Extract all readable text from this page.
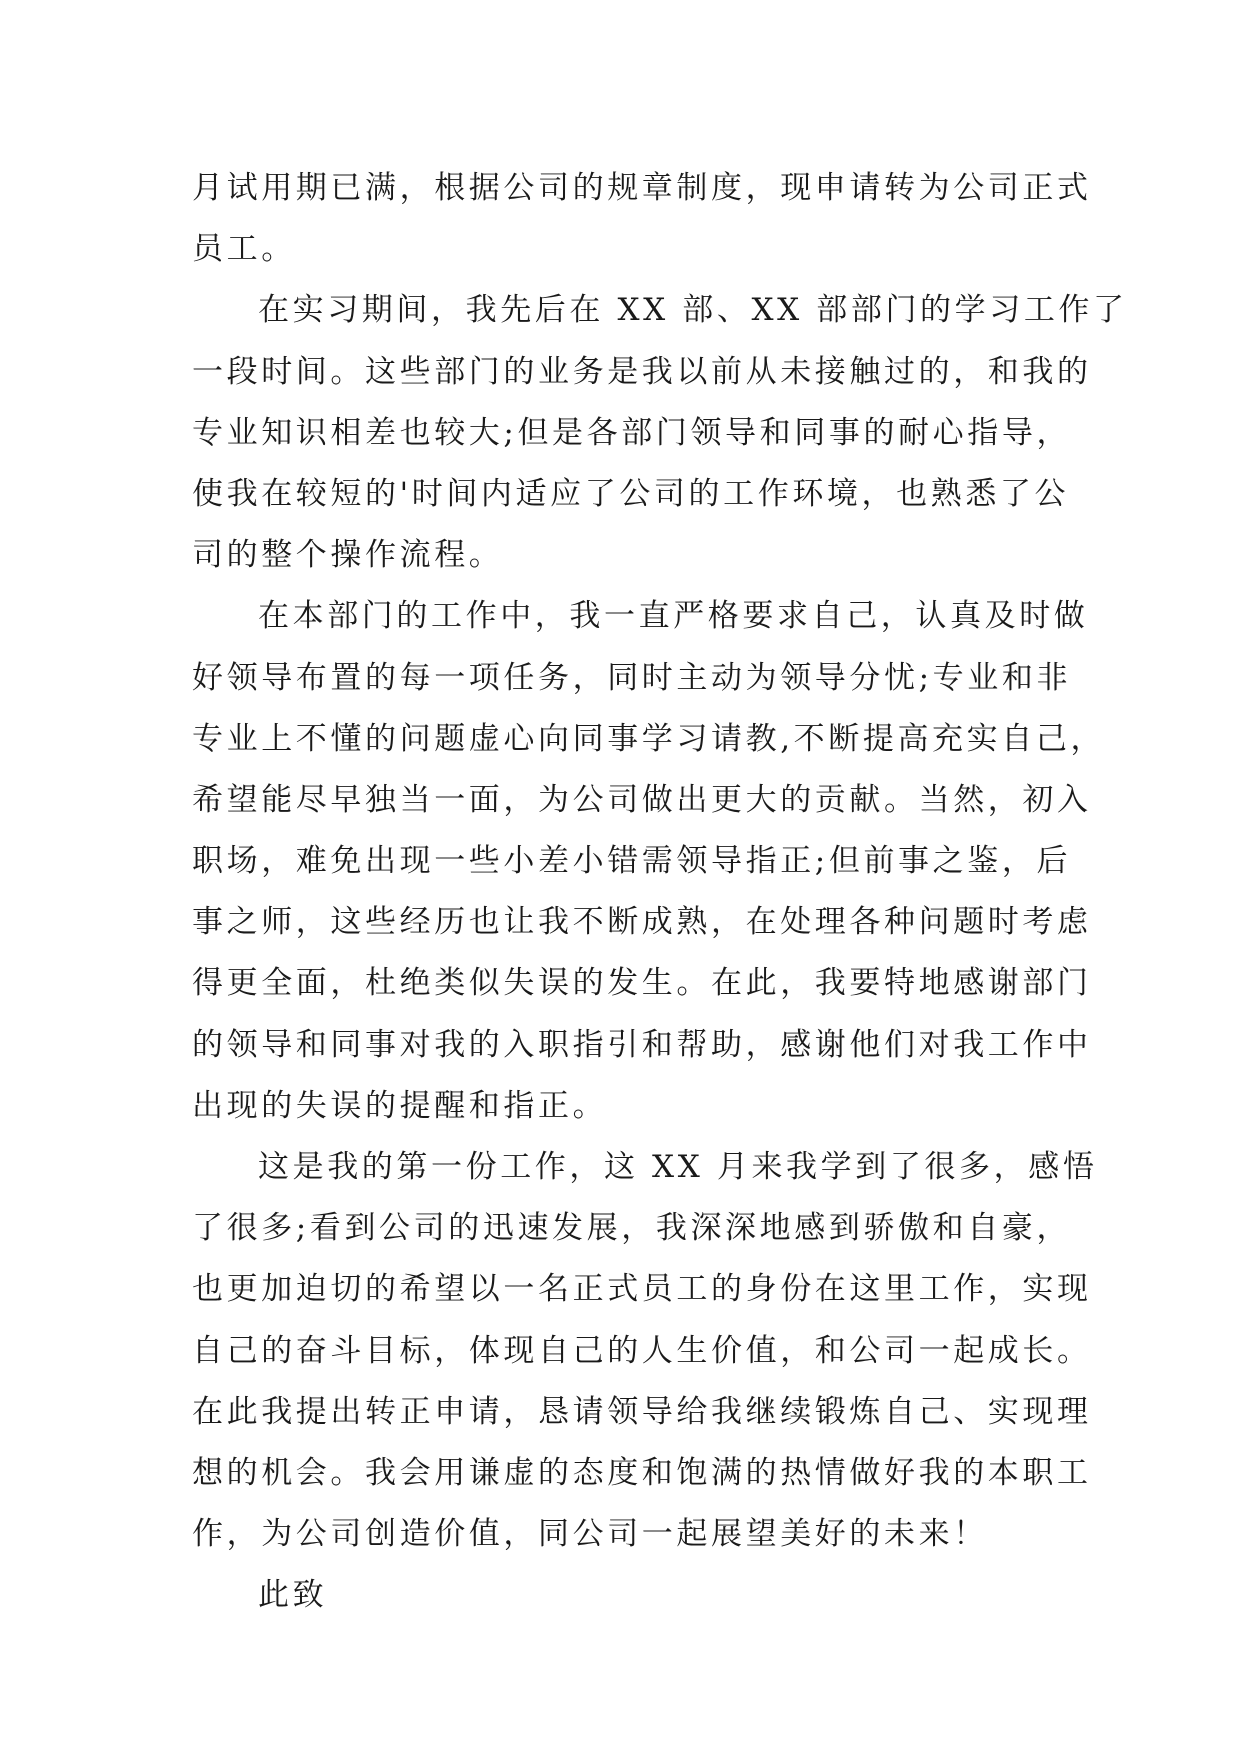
月试用期已满，根据公司的规章制度，现申请转为公司正式
员工。
在实习期间，我先后在 XX 部、XX 部部门的学习工作了
一段时间。这些部门的业务是我以前从未接触过的，和我的
专业知识相差也较大;但是各部门领导和同事的耐心指导，
使我在较短的'时间内适应了公司的工作环境，也熟悉了公
司的整个操作流程。
在本部门的工作中，我一直严格要求自己，认真及时做
好领导布置的每一项任务，同时主动为领导分忧;专业和非
专业上不懂的问题虚心向同事学习请教,不断提高充实自己，
希望能尽早独当一面，为公司做出更大的贡献。当然，初入
职场，难免出现一些小差小错需领导指正;但前事之鉴，后
事之师，这些经历也让我不断成熟，在处理各种问题时考虑
得更全面，杜绝类似失误的发生。在此，我要特地感谢部门
的领导和同事对我的入职指引和帮助，感谢他们对我工作中
出现的失误的提醒和指正。
这是我的第一份工作，这 XX 月来我学到了很多，感悟
了很多;看到公司的迅速发展，我深深地感到骄傲和自豪，
也更加迫切的希望以一名正式员工的身份在这里工作，实现
自己的奋斗目标，体现自己的人生价值，和公司一起成长。
在此我提出转正申请，恳请领导给我继续锻炼自己、实现理
想的机会。我会用谦虚的态度和饱满的热情做好我的本职工
作，为公司创造价值，同公司一起展望美好的未来！
此致
